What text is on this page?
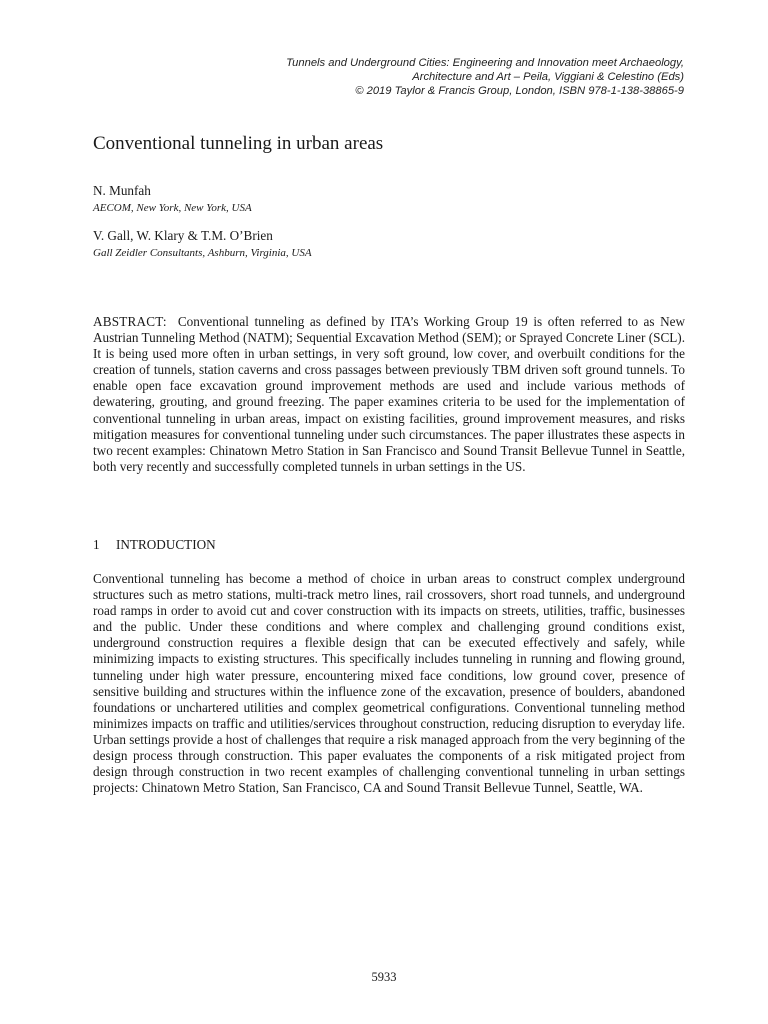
Tunnels and Underground Cities: Engineering and Innovation meet Archaeology,
Architecture and Art – Peila, Viggiani & Celestino (Eds)
© 2019 Taylor & Francis Group, London, ISBN 978-1-138-38865-9
Conventional tunneling in urban areas
N. Munfah
AECOM, New York, New York, USA
V. Gall, W. Klary & T.M. O’Brien
Gall Zeidler Consultants, Ashburn, Virginia, USA
ABSTRACT: Conventional tunneling as defined by ITA’s Working Group 19 is often referred to as New Austrian Tunneling Method (NATM); Sequential Excavation Method (SEM); or Sprayed Concrete Liner (SCL). It is being used more often in urban settings, in very soft ground, low cover, and overbuilt conditions for the creation of tunnels, station caverns and cross passages between previously TBM driven soft ground tunnels. To enable open face excavation ground improvement methods are used and include various methods of dewatering, grouting, and ground freezing. The paper examines criteria to be used for the implementation of conventional tunneling in urban areas, impact on existing facilities, ground improvement measures, and risks mitigation measures for conventional tunneling under such circumstances. The paper illustrates these aspects in two recent examples: Chinatown Metro Station in San Francisco and Sound Transit Bellevue Tunnel in Seattle, both very recently and successfully completed tunnels in urban settings in the US.
1 INTRODUCTION
Conventional tunneling has become a method of choice in urban areas to construct complex underground structures such as metro stations, multi-track metro lines, rail crossovers, short road tunnels, and underground road ramps in order to avoid cut and cover construction with its impacts on streets, utilities, traffic, businesses and the public. Under these conditions and where complex and challenging ground conditions exist, underground construction requires a flexible design that can be executed effectively and safely, while minimizing impacts to existing structures. This specifically includes tunneling in running and flowing ground, tunneling under high water pressure, encountering mixed face conditions, low ground cover, presence of sensitive building and structures within the influence zone of the excavation, presence of boulders, abandoned foundations or unchartered utilities and complex geometrical configurations. Conventional tunneling method minimizes impacts on traffic and utilities/services throughout construction, reducing disruption to everyday life. Urban settings provide a host of challenges that require a risk managed approach from the very beginning of the design process through construction. This paper evaluates the components of a risk mitigated project from design through construction in two recent examples of challenging conventional tunneling in urban settings projects: Chinatown Metro Station, San Francisco, CA and Sound Transit Bellevue Tunnel, Seattle, WA.
5933
